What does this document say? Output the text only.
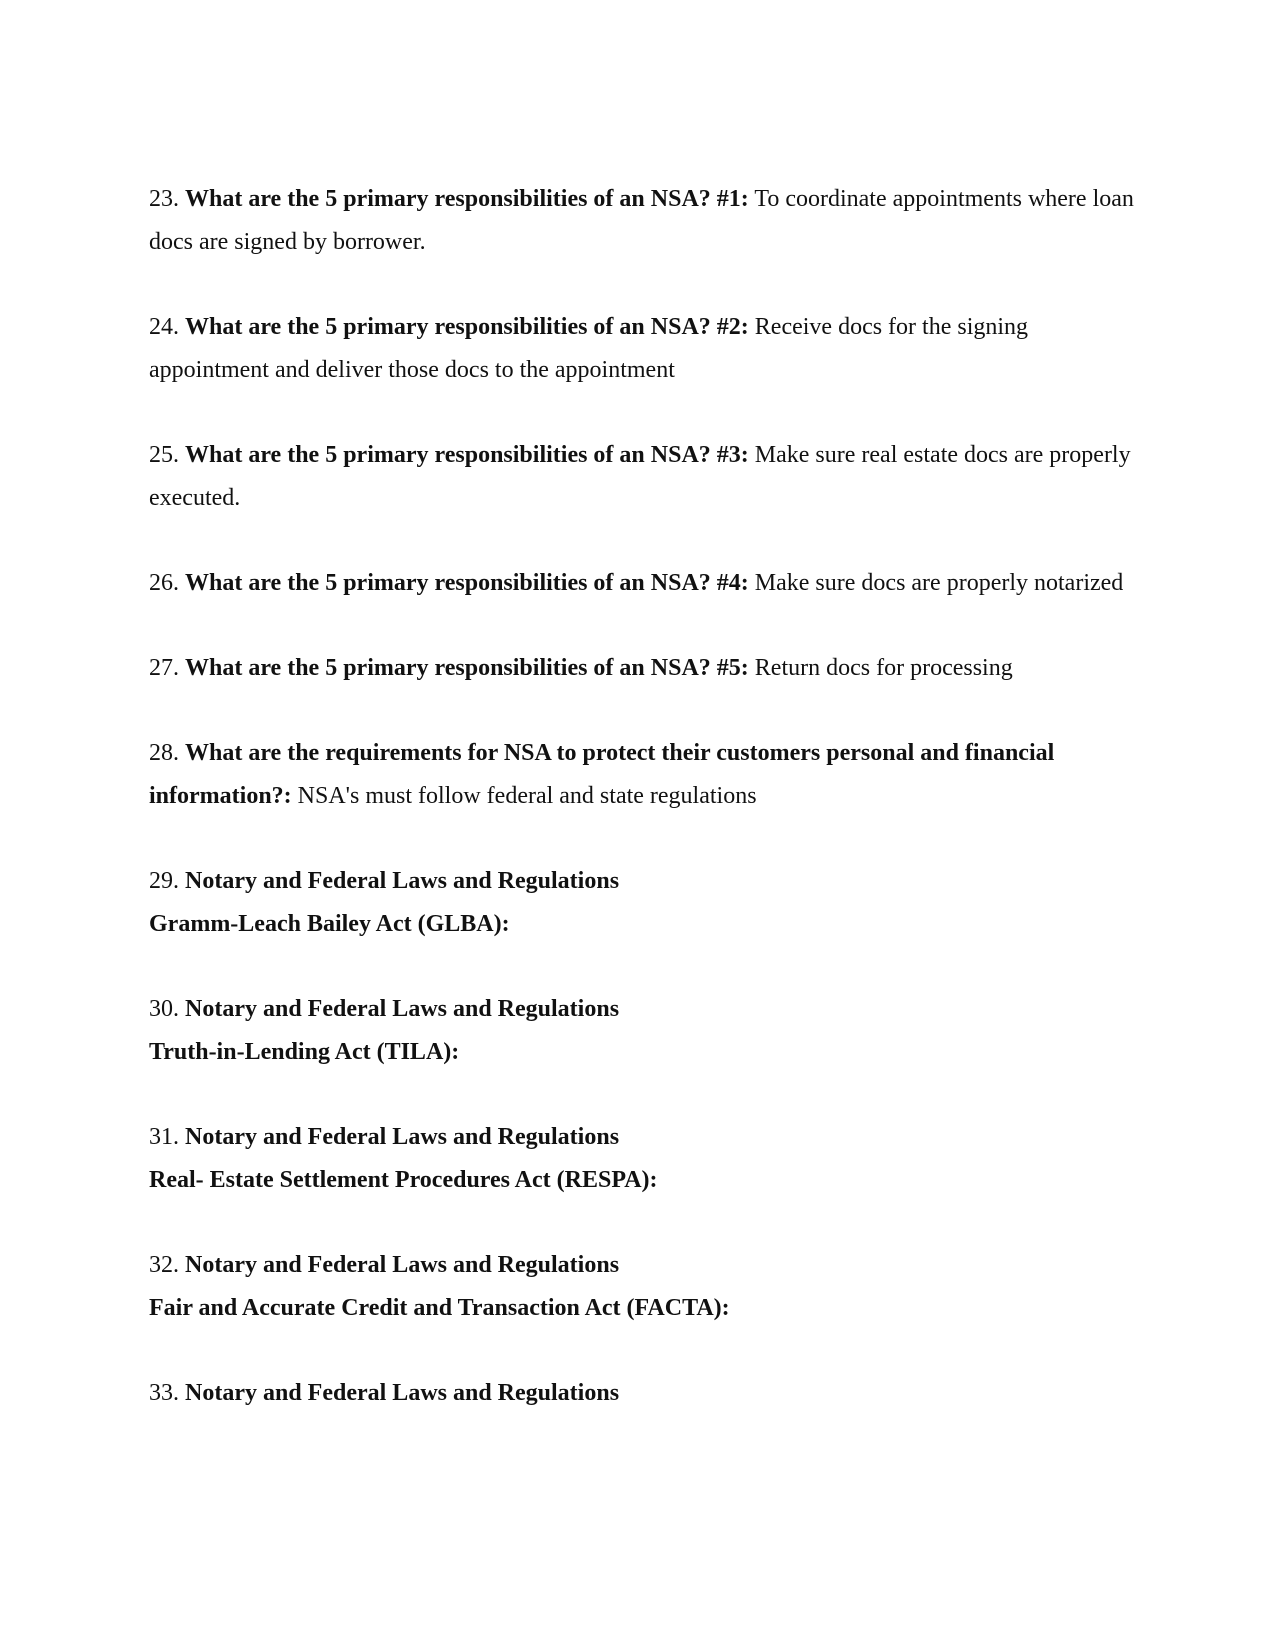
23. What are the 5 primary responsibilities of an NSA? #1: To coordinate appointments where loan docs are signed by borrower.
24. What are the 5 primary responsibilities of an NSA? #2: Receive docs for the signing appointment and deliver those docs to the appointment
25. What are the 5 primary responsibilities of an NSA? #3: Make sure real estate docs are properly executed.
26. What are the 5 primary responsibilities of an NSA? #4: Make sure docs are properly notarized
27. What are the 5 primary responsibilities of an NSA? #5: Return docs for processing
28. What are the requirements for NSA to protect their customers personal and financial information?: NSA's must follow federal and state regulations
29. Notary and Federal Laws and Regulations
Gramm-Leach Bailey Act (GLBA):
30. Notary and Federal Laws and Regulations
Truth-in-Lending Act (TILA):
31. Notary and Federal Laws and Regulations
Real- Estate Settlement Procedures Act (RESPA):
32. Notary and Federal Laws and Regulations
Fair and Accurate Credit and Transaction Act (FACTA):
33. Notary and Federal Laws and Regulations
